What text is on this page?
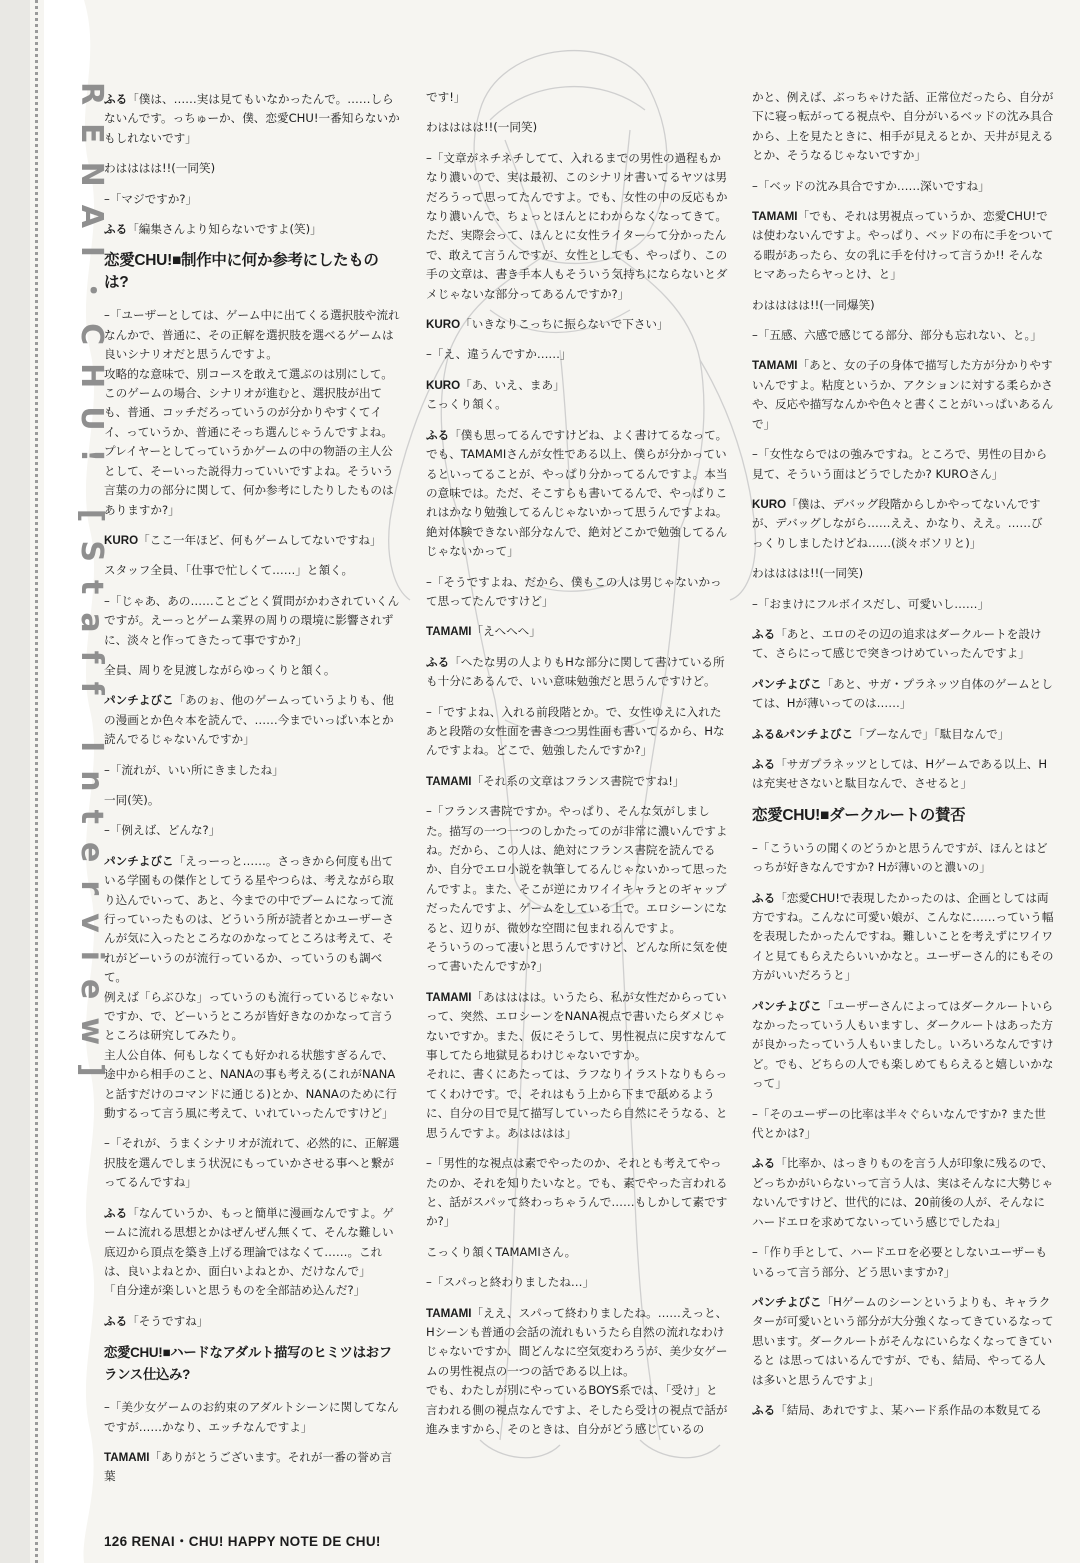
RENAI・CHU! [Staff Interview]
ふる「僕は、……実は見てもいなかったんで。……しらないんです。っちゅーか、僕、恋愛CHU!一番知らないかもしれないです」
わはははは!!(一同笑)
–「マジですか?」
ふる「編集さんより知らないですよ(笑)」
恋愛CHU!■制作中に何か参考にしたものは?
–「ユーザーとしては、ゲーム中に出てくる選択肢や流れなんかで、普通に、その正解を選択肢を選べるゲームは良いシナリオだと思うんですよ。
攻略的な意味で、別コースを敢えて選ぶのは別にして。
このゲームの場合、シナリオが進むと、選択肢が出ても、普通、コッチだろっていうのが分かりやすくてイイ、っていうか、普通にそっち選んじゃうんですよね。
プレイヤーとしてっていうかゲームの中の物語の主人公として、そーいった説得力っていいですよね。そういう言葉の力の部分に関して、何か参考にしたりしたものはありますか?」
KURO「ここ一年ほど、何もゲームしてないですね」
スタッフ全員、「仕事で忙しくて……」と頷く。
–「じゃあ、あの……ことごとく質問がかわされていくんですが。えーっとゲーム業界の周りの環境に影響されずに、淡々と作ってきたって事ですか?」
全員、周りを見渡しながらゆっくりと頷く。
パンチよびこ「あのぉ、他のゲームっていうよりも、他の漫画とか色々本を読んで、……今までいっぱい本とか読んでるじゃないんですか」
–「流れが、いい所にきましたね」
一同(笑)。
–「例えば、どんな?」
パンチよびこ「えっーっと……。さっきから何度も出ている学園もの傑作としてうる星やつらは、考えながら取り込んでいって、あと、今までの中でブームになって流行っていったものは、どういう所が読者とかユーザーさんが気に入ったところなのかなってところは考えて、それがどーいうのが流行っているか、っていうのも調べて。
例えば「らぶひな」っていうのも流行っているじゃないですか、で、どーいうところが皆好きなのかなって言うところは研究してみたり。
主人公自体、何もしなくても好かれる状態すぎるんで、途中から相手のこと、NANAの事も考える(これがNANAと話すだけのコマンドに通じる)とか、NANAのために行動するって言う風に考えて、いれていったんですけど」
–「それが、うまくシナリオが流れて、必然的に、正解選択肢を選んでしまう状況にもっていかさせる事へと繋がってるんですね」
ふる「なんていうか、もっと簡単に漫画なんですよ。ゲームに流れる思想とかはぜんぜん無くて、そんな難しい底辺から頂点を築き上げる理論ではなくて……。これは、良いよねとか、面白いよねとか、だけなんで」
「自分達が楽しいと思うものを全部詰め込んだ?」
ふる「そうですね」
恋愛CHU!■ハードなアダルト描写のヒミツはおフランス仕込み?
–「美少女ゲームのお約束のアダルトシーンに関してなんですが……かなり、エッチなんですよ」
TAMAMI「ありがとうございます。それが一番の誉め言葉
です!」
わはははは!!(一同笑)
–「文章がネチネチしてて、入れるまでの男性の過程もかなり濃いので、実は最初、このシナリオ書いてるヤツは男だろうって思ってたんですよ。でも、女性の中の反応もかなり濃いんで、ちょっとほんとにわからなくなってきて。
ただ、実際会って、ほんとに女性ライターって分かったんで、敢えて言うんですが、女性としても、やっぱり、この手の文章は、書き手本人もそういう気持ちにならないとダメじゃないな部分ってあるんですか?」
KURO「いきなりこっちに振らないで下さい」
–「え、違うんですか……」
KURO「あ、いえ、まあ」
こっくり頷く。
ふる「僕も思ってるんですけどね、よく書けてるなって。でも、TAMAMIさんが女性である以上、僕らが分かっているといってることが、やっぱり分かってるんですよ。本当の意味では。ただ、そこすらも書いてるんで、やっぱりこれはかなり勉強してるんじゃないかって思うんですよね。絶対体験できない部分なんで、絶対どこかで勉強してるんじゃないかって」
–「そうですよね、だから、僕もこの人は男じゃないかって思ってたんですけど」
TAMAMI「えへへへ」
ふる「へたな男の人よりもHな部分に関して書けている所も十分にあるんで、いい意味勉強だと思うんですけど。
–「ですよね、入れる前段階とか。で、女性ゆえに入れたあと段階の女性面を書きつつ男性面も書いてるから、Hなんですよね。どこで、勉強したんですか?」
TAMAMI「それ系の文章はフランス書院ですね!」
–「フランス書院ですか。やっぱり、そんな気がしました。描写の一つ一つのしかたってのが非常に濃いんですよね。だから、この人は、絶対にフランス書院を読んでるか、自分でエロ小説を執筆してるんじゃないかって思ったんですよ。また、そこが逆にカワイイキャラとのギャップだったんですよ、ゲームをしている上で。エロシーンになると、辺りが、微妙な空間に包まれるんですよ。
そういうのって凄いと思うんですけど、どんな所に気を使って書いたんですか?」
TAMAMI「あはははは。いうたら、私が女性だからっていって、突然、エロシーンをNANA視点で書いたらダメじゃないですか。また、仮にそうして、男性視点に戻すなんて事してたら地獄見るわけじゃないですか。
それに、書くにあたっては、ラフなりイラストなりもらってくわけです。で、それはもう上から下まで舐めるように、自分の目で見て描写していったら自然にそうなる、と思うんですよ。あはははは」
–「男性的な視点は素でやったのか、それとも考えてやったのか、それを知りたいなと。でも、素でやった言われると、話がスパッて終わっちゃうんで……もしかして素ですか?」
こっくり頷くTAMAMIさん。
–「スパっと終わりましたね…」
TAMAMI「ええ、スパって終わりましたね。……えっと、Hシーンも普通の会話の流れもいうたら自然の流れなわけじゃないですか、間どんなに空気変わろうが、美少女ゲームの男性視点の一つの話である以上は。
でも、わたしが別にやっているBOYS系では、「受け」と言われる側の視点なんですよ、そしたら受けの視点で話が進みますから、そのときは、自分がどう感じているの
かと、例えば、ぶっちゃけた話、正常位だったら、自分が下に寝っ転がってる視点や、自分がいるベッドの沈み具合から、上を見たときに、相手が見えるとか、天井が見えるとか、そうなるじゃないですか」
–「ベッドの沈み具合ですか……深いですね」
TAMAMI「でも、それは男視点っていうか、恋愛CHU!では使わないんですよ。やっぱり、ベッドの布に手をついてる暇があったら、女の乳に手を付けって言うか!! そんなヒマあったらヤっとけ、と」
わはははは!!(一同爆笑)
–「五感、六感で感じてる部分、部分も忘れない、と。」
TAMAMI「あと、女の子の身体で描写した方が分かりやすいんですよ。粘度というか、アクションに対する柔らかさや、反応や描写なんかや色々と書くことがいっぱいあるんで」
–「女性ならではの強みですね。ところで、男性の目から見て、そういう面はどうでしたか? KUROさん」
KURO「僕は、デバッグ段階からしかやってないんですが、デバッグしながら……ええ、かなり、ええ。……びっくりしましたけどね……(淡々ボソリと)」
わはははは!!(一同笑)
–「おまけにフルボイスだし、可愛いし……」
ふる「あと、エロのその辺の追求はダークルートを設けて、さらにって感じで突きつけめていったんですよ」
パンチよびこ「あと、サガ・プラネッツ自体のゲームとしては、Hが薄いってのは……」
ふる&パンチよびこ「ブーなんで」「駄目なんで」
ふる「サガプラネッツとしては、Hゲームである以上、Hは充実せさないと駄目なんで、させると」
恋愛CHU!■ダークルートの賛否
–「こういうの聞くのどうかと思うんですが、ほんとはどっちが好きなんですか? Hが薄いのと濃いの」
ふる「恋愛CHU!で表現したかったのは、企画としては両方ですね。こんなに可愛い娘が、こんなに……っていう幅を表現したかったんですね。難しいことを考えずにワイワイと見てもらえたらいいかなと。ユーザーさん的にもその方がいいだろうと」
パンチよびこ「ユーザーさんによってはダークルートいらなかったっていう人もいますし、ダークルートはあった方が良かったっていう人もいましたし。いろいろなんですけど。でも、どちらの人でも楽しめてもらえると嬉しいかなって」
–「そのユーザーの比率は半々ぐらいなんですか? また世代とかは?」
ふる「比率か、はっきりものを言う人が印象に残るので、どっちかがいらないって言う人は、実はそんなに大勢じゃないんですけど、世代的には、20前後の人が、そんなにハードエロを求めてないっていう感じでしたね」
–「作り手として、ハードエロを必要としないユーザーもいるって言う部分、どう思いますか?」
パンチよびこ「Hゲームのシーンというよりも、キャラクターが可愛いという部分が大分強くなってきているなって思います。ダークルートがそんなにいらなくなってきていると は思ってはいるんですが、でも、結局、やってる人は多いと思うんですよ」
ふる「結局、あれですよ、某ハード系作品の本数見てる
126 RENAI・CHU! HAPPY NOTE DE CHU!
